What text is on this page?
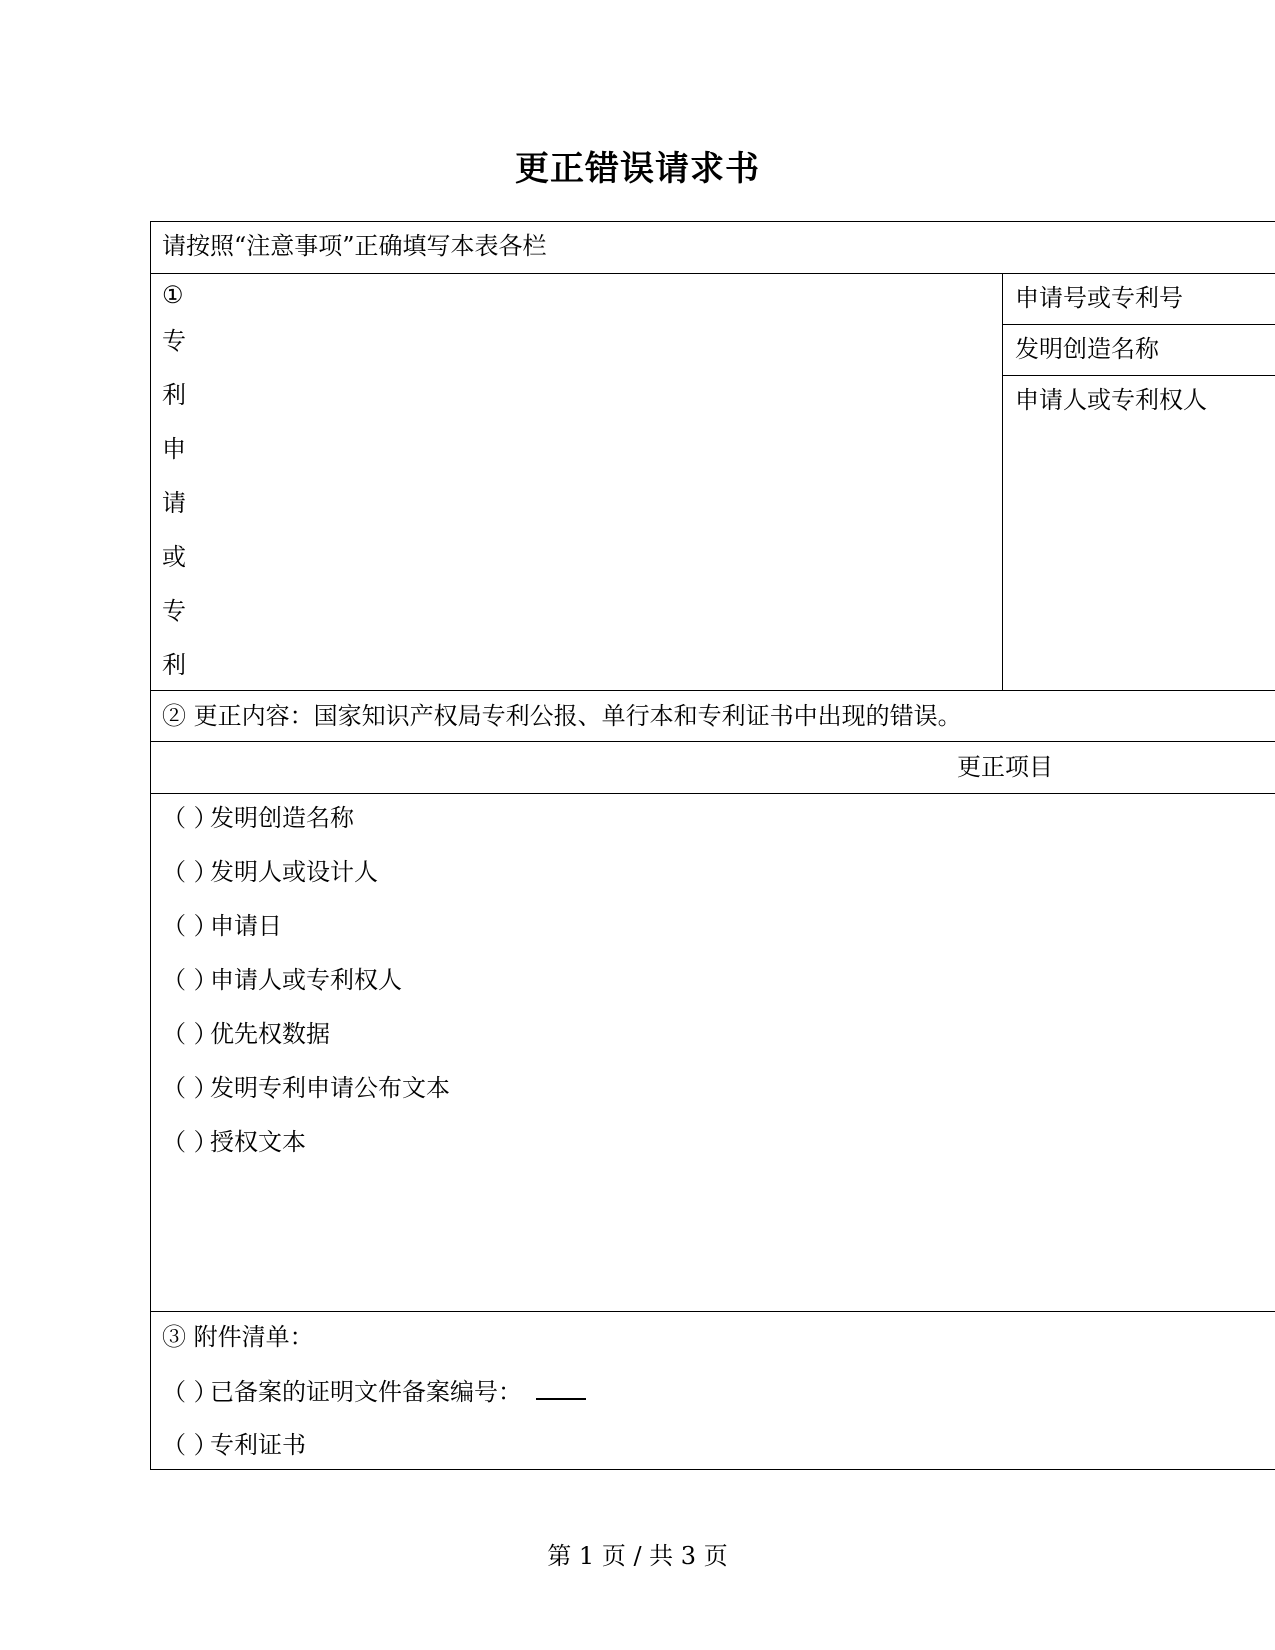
更正错误请求书
请按照“注意事项”正确填写本表各栏
①
专
利
申
请
或
专
利
申请号或专利号
发明创造名称
申请人或专利权人
② 更正内容：国家知识产权局专利公报、单行本和专利证书中出现的错误。
更正项目
（ ）发明创造名称
（ ）发明人或设计人
（ ）申请日
（ ）申请人或专利权人
（ ）优先权数据
（ ）发明专利申请公布文本
（ ）授权文本
③ 附件清单：
（ ）已备案的证明文件备案编号：
（ ）专利证书
第 1 页 / 共 3 页
